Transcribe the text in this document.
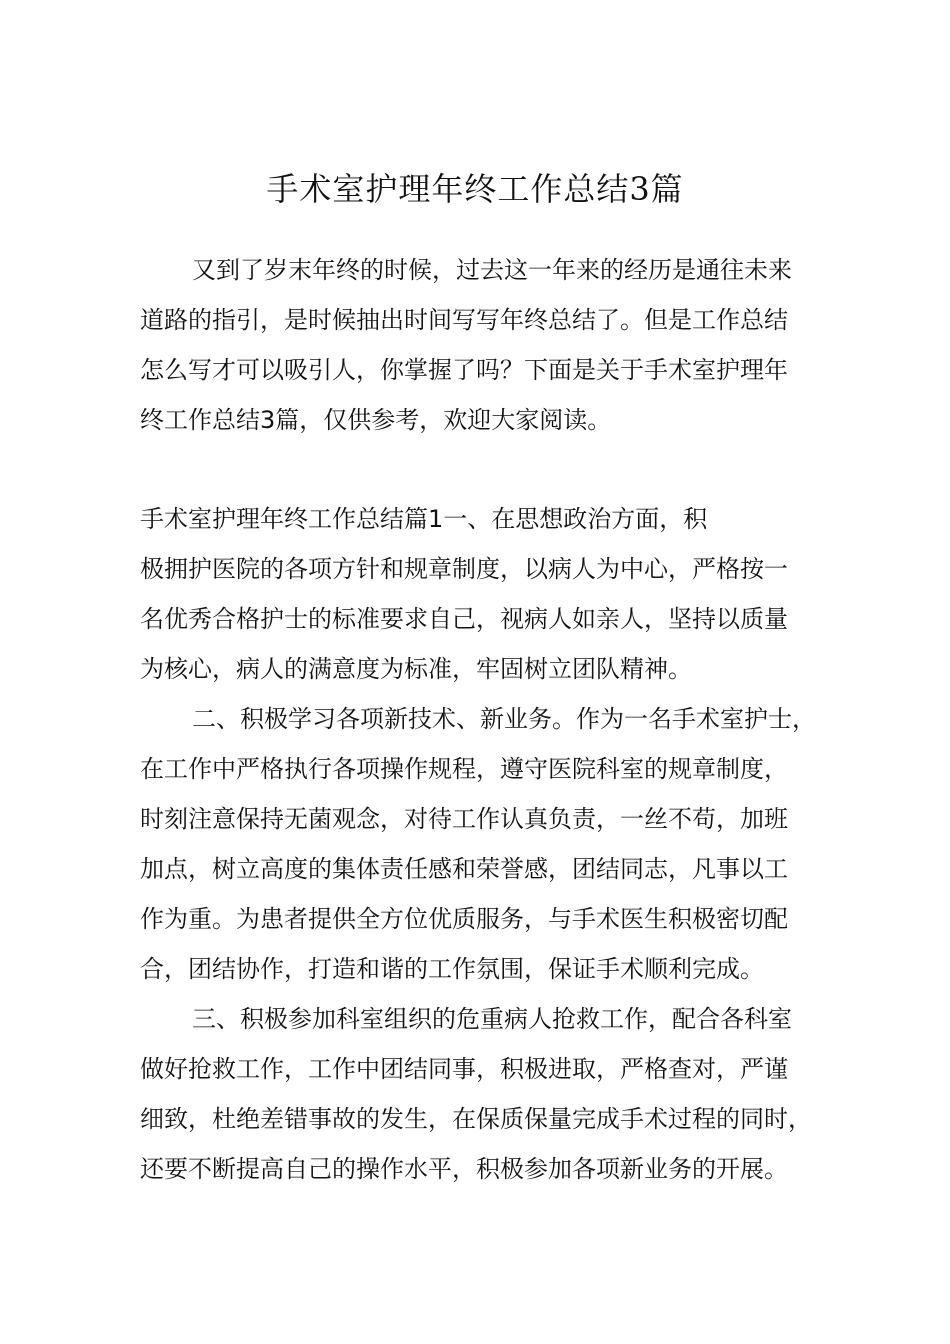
手术室护理年终工作总结3篇
又到了岁末年终的时候，过去这一年来的经历是通往未来
道路的指引，是时候抽出时间写写年终总结了。但是工作总结
怎么写才可以吸引人，你掌握了吗？下面是关于手术室护理年
终工作总结3篇，仅供参考，欢迎大家阅读。
手术室护理年终工作总结篇1一、在思想政治方面，积
极拥护医院的各项方针和规章制度，以病人为中心，严格按一
名优秀合格护士的标准要求自己，视病人如亲人，坚持以质量
为核心，病人的满意度为标准，牢固树立团队精神。
二、积极学习各项新技术、新业务。作为一名手术室护士，
在工作中严格执行各项操作规程，遵守医院科室的规章制度，
时刻注意保持无菌观念，对待工作认真负责，一丝不苟，加班
加点，树立高度的集体责任感和荣誉感，团结同志，凡事以工
作为重。为患者提供全方位优质服务，与手术医生积极密切配
合，团结协作，打造和谐的工作氛围，保证手术顺利完成。
三、积极参加科室组织的危重病人抢救工作，配合各科室
做好抢救工作，工作中团结同事，积极进取，严格查对，严谨
细致，杜绝差错事故的发生，在保质保量完成手术过程的同时，
还要不断提高自己的操作水平，积极参加各项新业务的开展。
